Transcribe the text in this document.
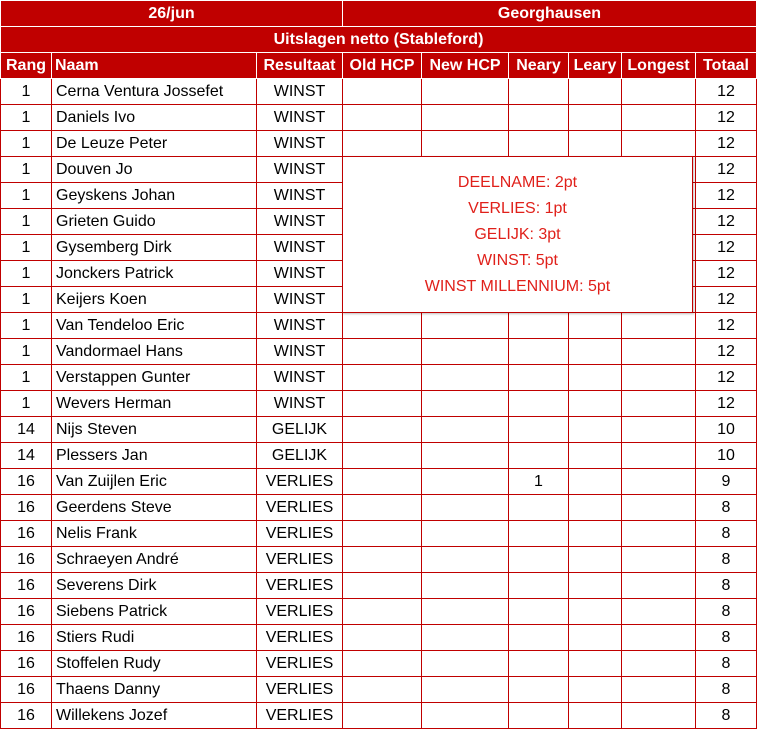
26/jun			Georghausen					
Uitslagen netto (Stableford)								
Rang	Naam	Resultaat	Old HCP	New HCP	Neary	Leary	Longest	Totaal
1	Cerna Ventura Jossefet	WINST						12
1	Daniels Ivo	WINST						12
1	De Leuze Peter	WINST						12
1	Douven Jo	WINST						12
1	Geyskens Johan	WINST						12
1	Grieten Guido	WINST						12
1	Gysemberg Dirk	WINST						12
1	Jonckers Patrick	WINST						12
1	Keijers Koen	WINST						12
1	Van Tendeloo Eric	WINST						12
1	Vandormael Hans	WINST						12
1	Verstappen Gunter	WINST						12
1	Wevers Herman	WINST						12
14	Nijs Steven	GELIJK						10
14	Plessers Jan	GELIJK						10
16	Van Zuijlen Eric	VERLIES			1			9
16	Geerdens Steve	VERLIES						8
16	Nelis Frank	VERLIES						8
16	Schraeyen André	VERLIES						8
16	Severens Dirk	VERLIES						8
16	Siebens Patrick	VERLIES						8
16	Stiers Rudi	VERLIES						8
16	Stoffelen Rudy	VERLIES						8
16	Thaens Danny	VERLIES						8
16	Willekens Jozef	VERLIES						8
DEELNAME: 2pt
VERLIES: 1pt
GELIJK: 3pt
WINST: 5pt
WINST MILLENNIUM: 5pt
